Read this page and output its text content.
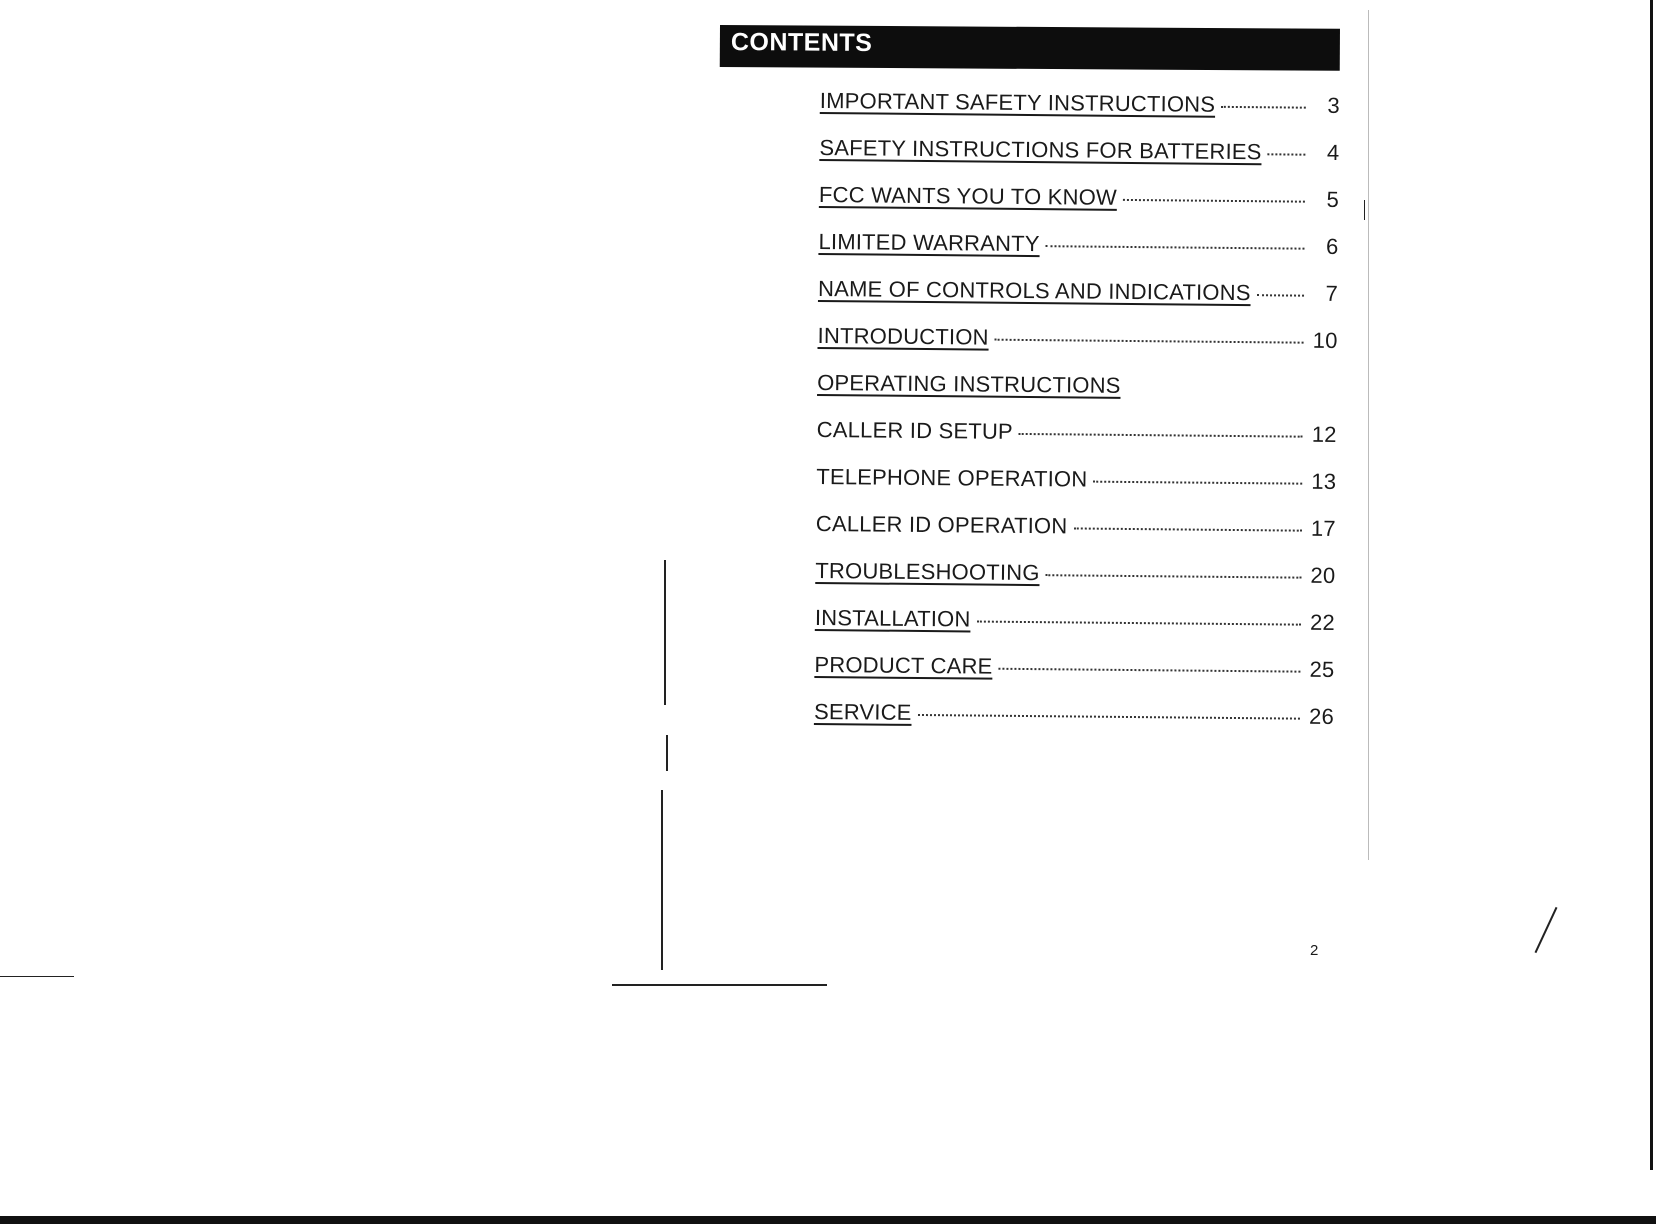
CONTENTS
IMPORTANT SAFETY INSTRUCTIONS	3
SAFETY INSTRUCTIONS FOR BATTERIES	4
FCC WANTS YOU TO KNOW	5
LIMITED WARRANTY	6
NAME OF CONTROLS AND INDICATIONS	7
INTRODUCTION	10
OPERATING INSTRUCTIONS
CALLER ID SETUP	12
TELEPHONE OPERATION	13
CALLER ID OPERATION	17
TROUBLESHOOTING	20
INSTALLATION	22
PRODUCT CARE	25
SERVICE	26
2
